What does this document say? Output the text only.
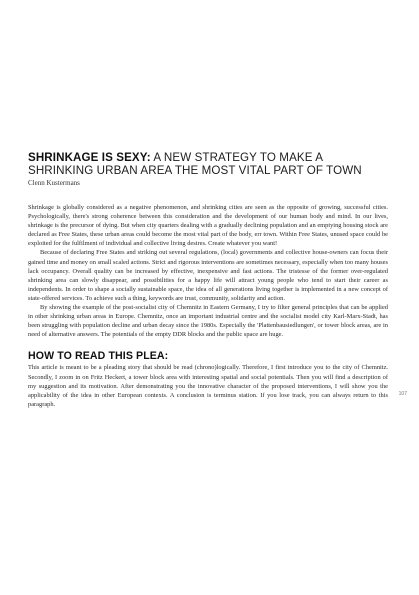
SHRINKAGE IS SEXY: A NEW STRATEGY TO MAKE A SHRINKING URBAN AREA THE MOST VITAL PART OF TOWN
Clenn Kustermans

Shrinkage is globally considered as a negative phenomenon, and shrinking cities are seen as the opposite of growing, successful cities. Psychologically, there's strong coherence between this consideration and the development of our human body and mind. In our lives, shrinkage is the precursor of dying. But when city quarters dealing with a gradually declining population and an emptying housing stock are declared as Free States, these urban areas could become the most vital part of the body, err town. Within Free States, unused space could be exploited for the fulfilment of individual and collective living desires. Create whatever you want!

Because of declaring Free States and striking out several regulations, (local) governments and collective house-owners can focus their gained time and money on small scaled actions. Strict and rigorous interventions are sometimes necessary, especially when too many houses lack occupancy. Overall quality can be increased by effective, inexpensive and fast actions. The tristesse of the former over-regulated shrinking area can slowly disappear, and possibilities for a happy life will attract young people who tend to start their career as independents. In order to shape a socially sustainable space, the idea of all generations living together is implemented in a new concept of state-offered services. To achieve such a thing, keywords are trust, community, solidarity and action.

By showing the example of the post-socialist city of Chemnitz in Eastern Germany, I try to filter general principles that can be applied in other shrinking urban areas in Europe. Chemnitz, once an important industrial centre and the socialist model city Karl-Marx-Stadt, has been struggling with population decline and urban decay since the 1980s. Especially the 'Plattenbausiedlungen', or tower block areas, are in need of alternative answers. The potentials of the empty DDR blocks and the public space are huge.

HOW TO READ THIS PLEA:

This article is meant to be a pleading story that should be read (chrono)logically. Therefore, I first introduce you to the city of Chemnitz. Secondly, I zoom in on Fritz Heckert, a tower block area with interesting spatial and social potentials. Then you will find a description of my suggestion and its motivation. After demonstrating you the innovative character of the proposed interventions, I will show you the applicability of the idea in other European contexts. A conclusion is terminus station. If you lose track, you can always return to this paragraph.

107
